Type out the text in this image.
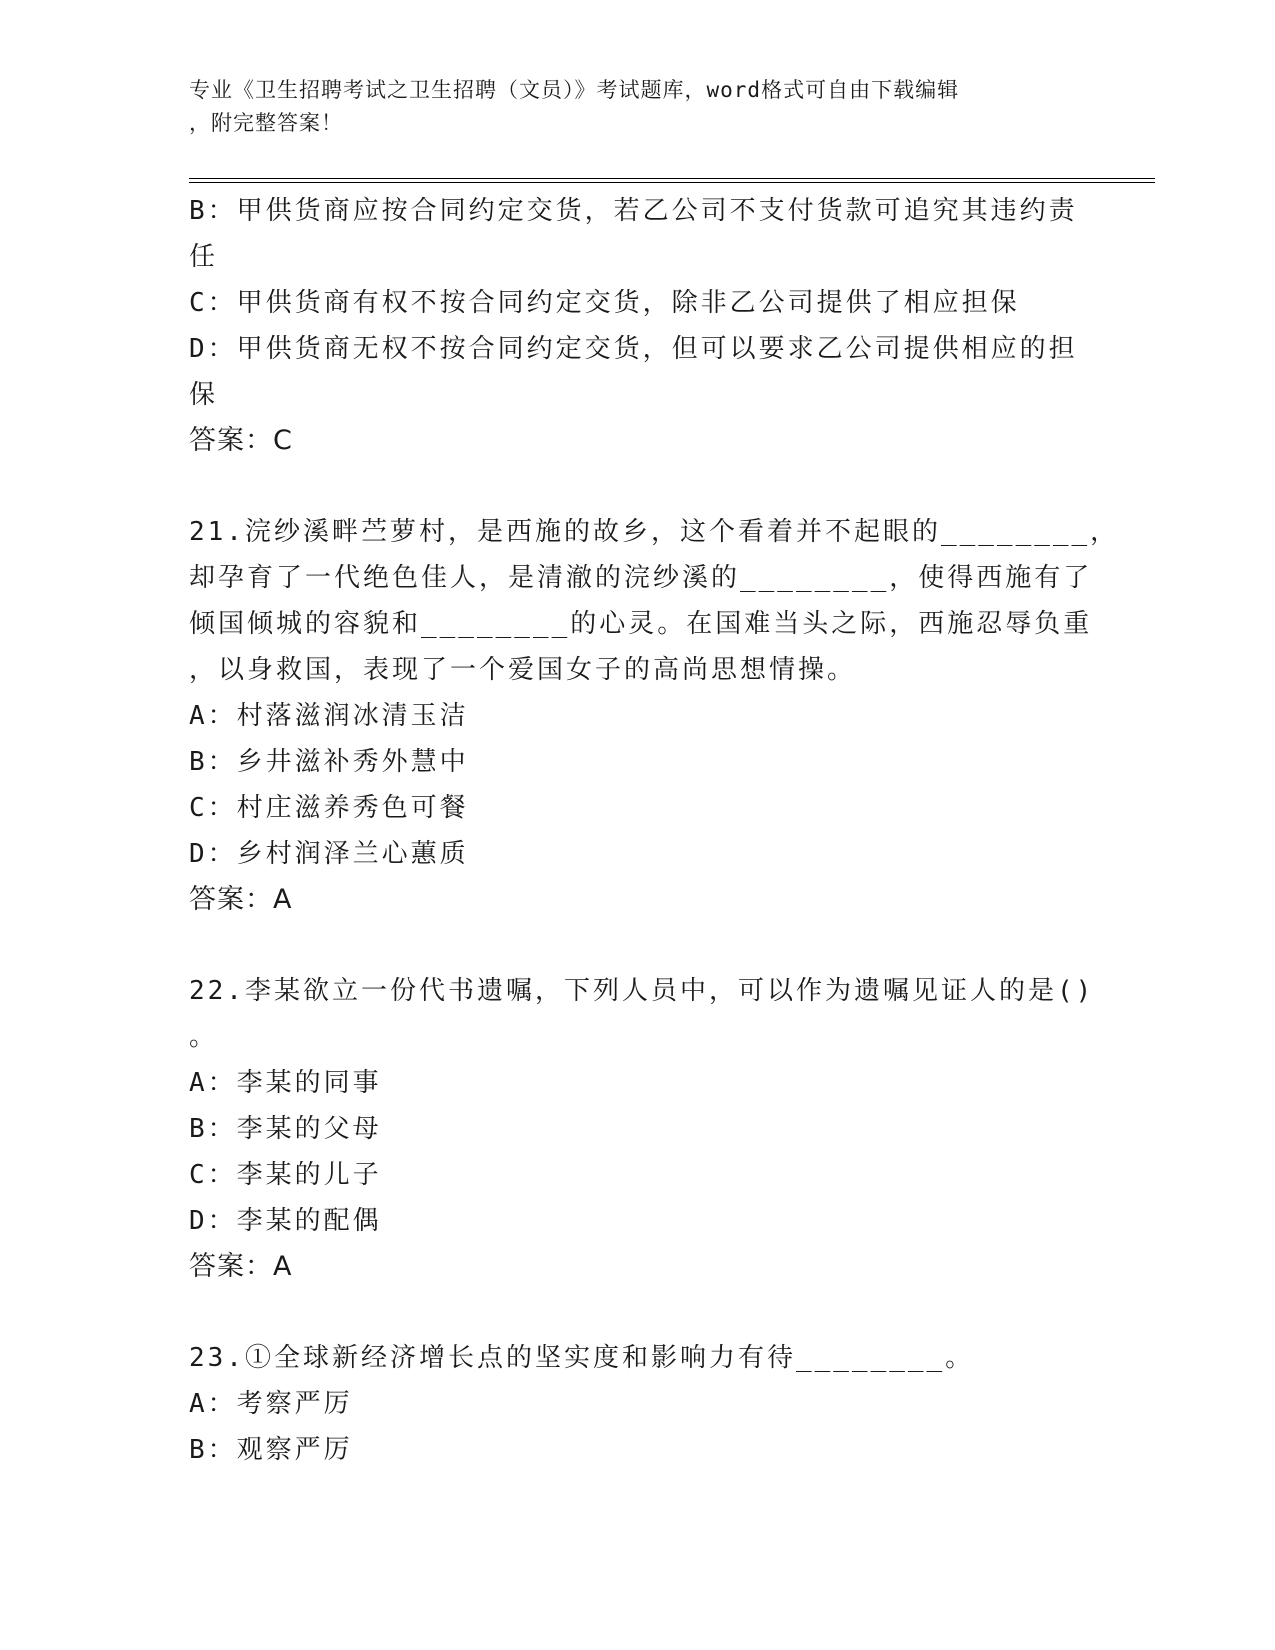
专业《卫生招聘考试之卫生招聘（文员）》考试题库，word格式可自由下载编辑
，附完整答案！
B：甲供货商应按合同约定交货，若乙公司不支付货款可追究其违约责
任
C：甲供货商有权不按合同约定交货，除非乙公司提供了相应担保
D：甲供货商无权不按合同约定交货，但可以要求乙公司提供相应的担
保
答案：C
21.浣纱溪畔苎萝村，是西施的故乡，这个看着并不起眼的________，
却孕育了一代绝色佳人，是清澈的浣纱溪的________，使得西施有了
倾国倾城的容貌和________的心灵。在国难当头之际，西施忍辱负重
，以身救国，表现了一个爱国女子的高尚思想情操。
A：村落滋润冰清玉洁
B：乡井滋补秀外慧中
C：村庄滋养秀色可餐
D：乡村润泽兰心蕙质
答案：A
22.李某欲立一份代书遗嘱，下列人员中，可以作为遗嘱见证人的是()
。
A：李某的同事
B：李某的父母
C：李某的儿子
D：李某的配偶
答案：A
23.①全球新经济增长点的坚实度和影响力有待________。
A：考察严厉
B：观察严厉
